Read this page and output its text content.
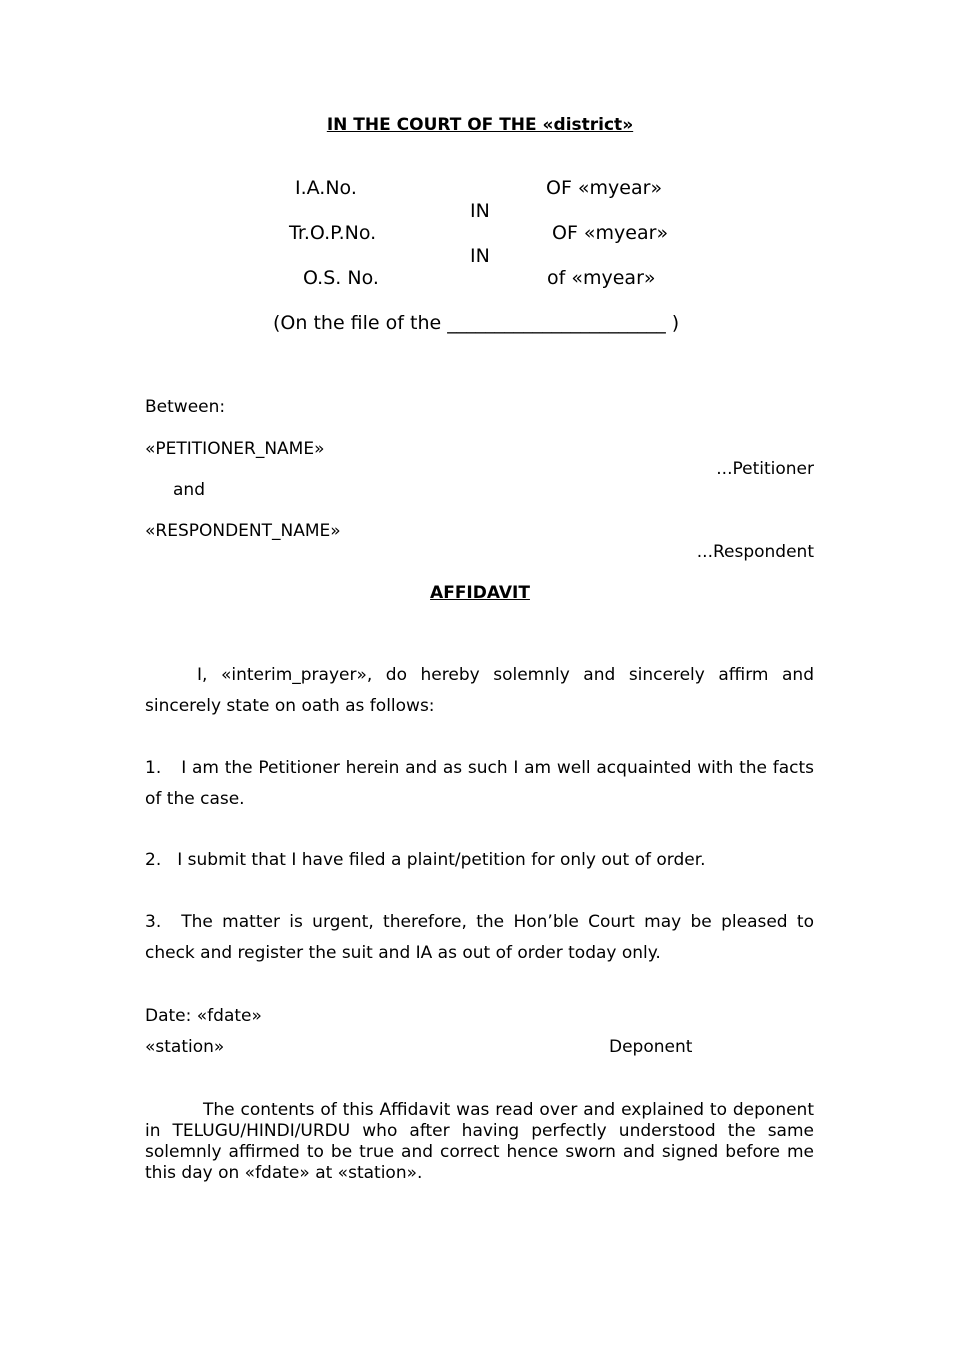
IN THE COURT OF THE «district»
I.A.No.	OF «myear»
IN
Tr.O.P.No.	OF «myear»
IN
O.S. No.	of «myear»
(On the file of the _______________________ )
Between:
«PETITIONER_NAME»
...Petitioner
and
«RESPONDENT_NAME»
...Respondent
AFFIDAVIT
I, «interim_prayer», do hereby solemnly and sincerely affirm and sincerely state on oath as follows:
1. I am the Petitioner herein and as such I am well acquainted with the facts of the case.
2. I submit that I have filed a plaint/petition for only out of order.
3. The matter is urgent, therefore, the Hon’ble Court may be pleased to check and register the suit and IA as out of order today only.
Date: «fdate»
«station»	Deponent
The contents of this Affidavit was read over and explained to deponent in TELUGU/HINDI/URDU who after having perfectly understood the same solemnly affirmed to be true and correct hence sworn and signed before me this day on «fdate» at «station».
